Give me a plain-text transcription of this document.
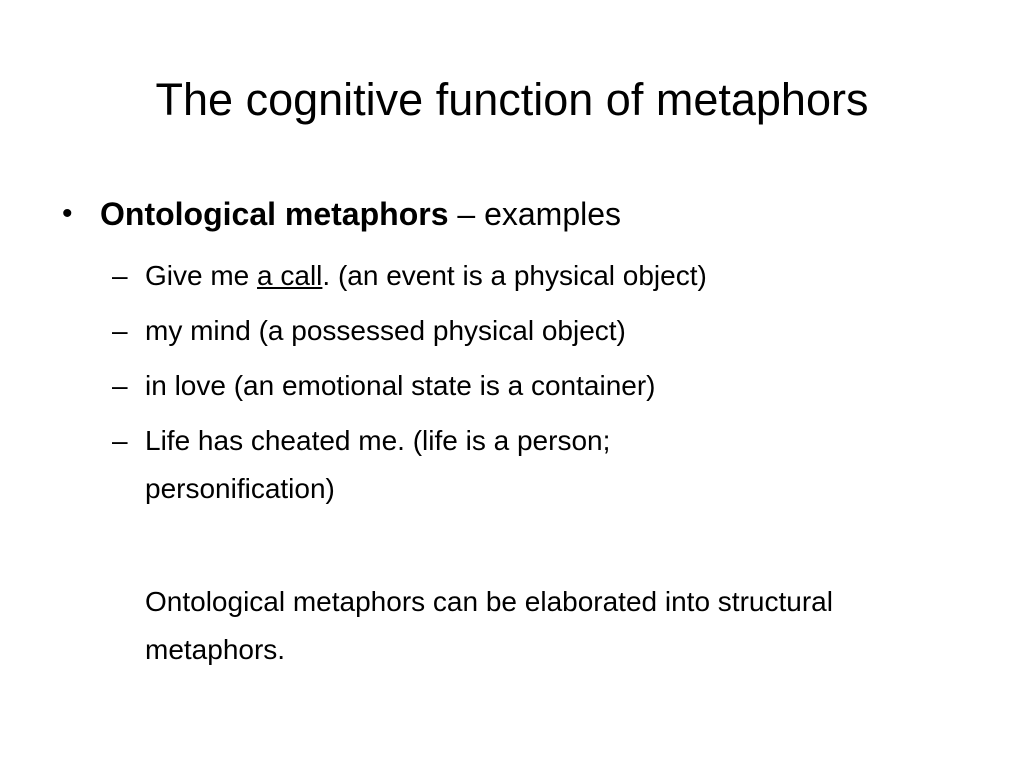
The cognitive function of metaphors
• Ontological metaphors – examples
– Give me a call. (an event is a physical object)
– my mind (a possessed physical object)
– in love (an emotional state is a container)
– Life has cheated me. (life is a person; personification)
Ontological metaphors can be elaborated into structural metaphors.
